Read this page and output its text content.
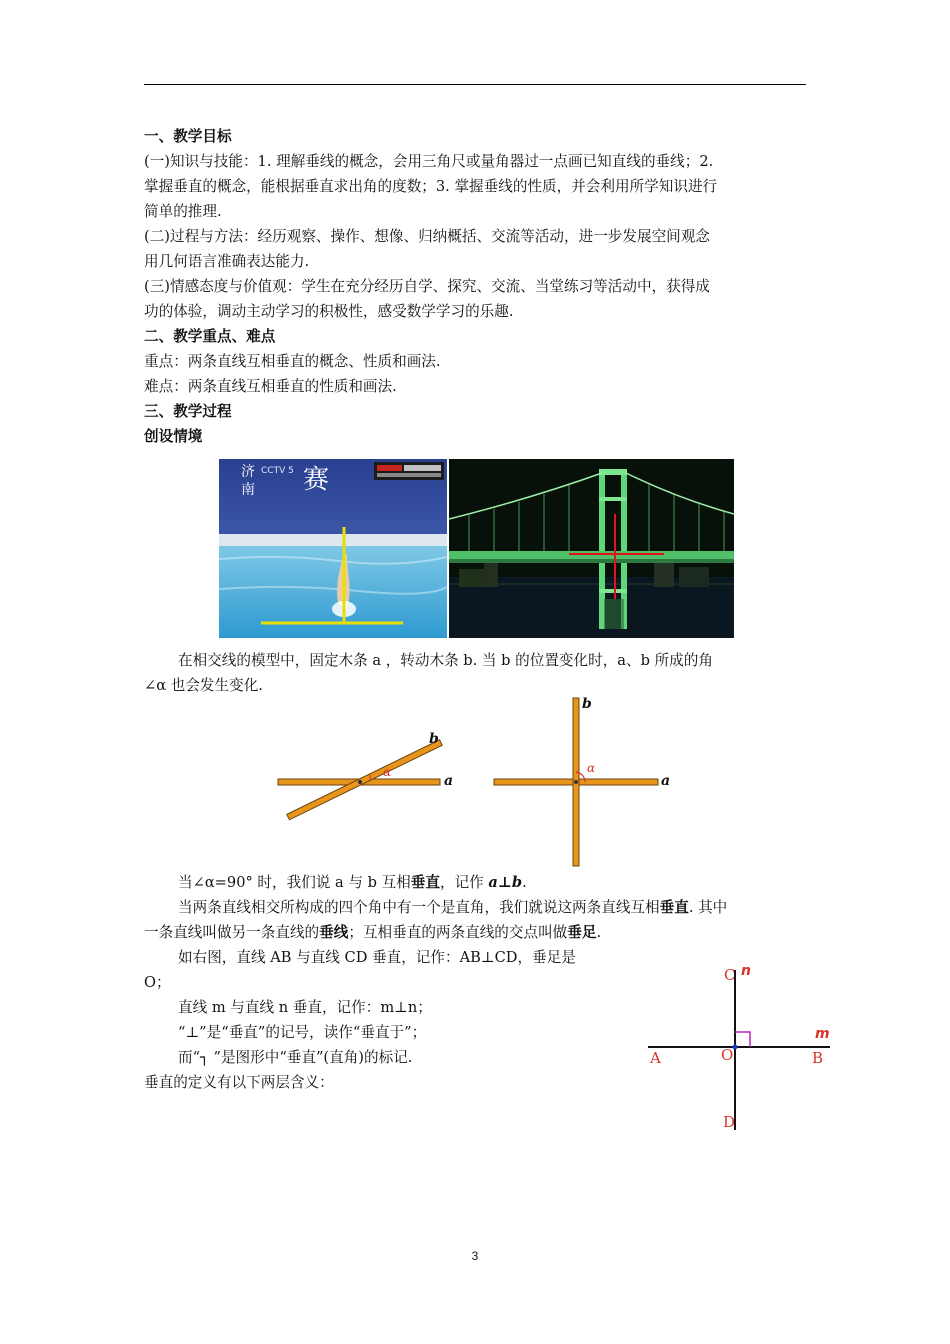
一、教学目标
(一)知识与技能：1. 理解垂线的概念，会用三角尺或量角器过一点画已知直线的垂线；2.
掌握垂直的概念，能根据垂直求出角的度数；3. 掌握垂线的性质，并会利用所学知识进行
简单的推理.
(二)过程与方法：经历观察、操作、想像、归纳概括、交流等活动，进一步发展空间观念
用几何语言准确表达能力.
(三)情感态度与价值观：学生在充分经历自学、探究、交流、当堂练习等活动中，获得成
功的体验，调动主动学习的积极性，感受数学学习的乐趣.
二、教学重点、难点
重点：两条直线互相垂直的概念、性质和画法.
难点：两条直线互相垂直的性质和画法.
三、教学过程
创设情境
济
南
CCTV 5 赛
在相交线的模型中，固定木条 a ，转动木条 b. 当 b 的位置变化时，a、b 所成的角
∠α 也会发生变化.
a
b
α
a
b
α
当∠α=90° 时，我们说 a 与 b 互相垂直，记作 a⊥b.
当两条直线相交所构成的四个角中有一个是直角，我们就说这两条直线互相垂直. 其中
一条直线叫做另一条直线的垂线；互相垂直的两条直线的交点叫做垂足.
如右图，直线 AB 与直线 CD 垂直，记作：AB⊥CD，垂足是
O；
直线 m 与直线 n 垂直，记作：m⊥n；
“⊥”是“垂直”的记号，读作“垂直于”；
而“┐ ”是图形中“垂直”(直角)的标记.
垂直的定义有以下两层含义：
C n
A	O	B
m
D
3
